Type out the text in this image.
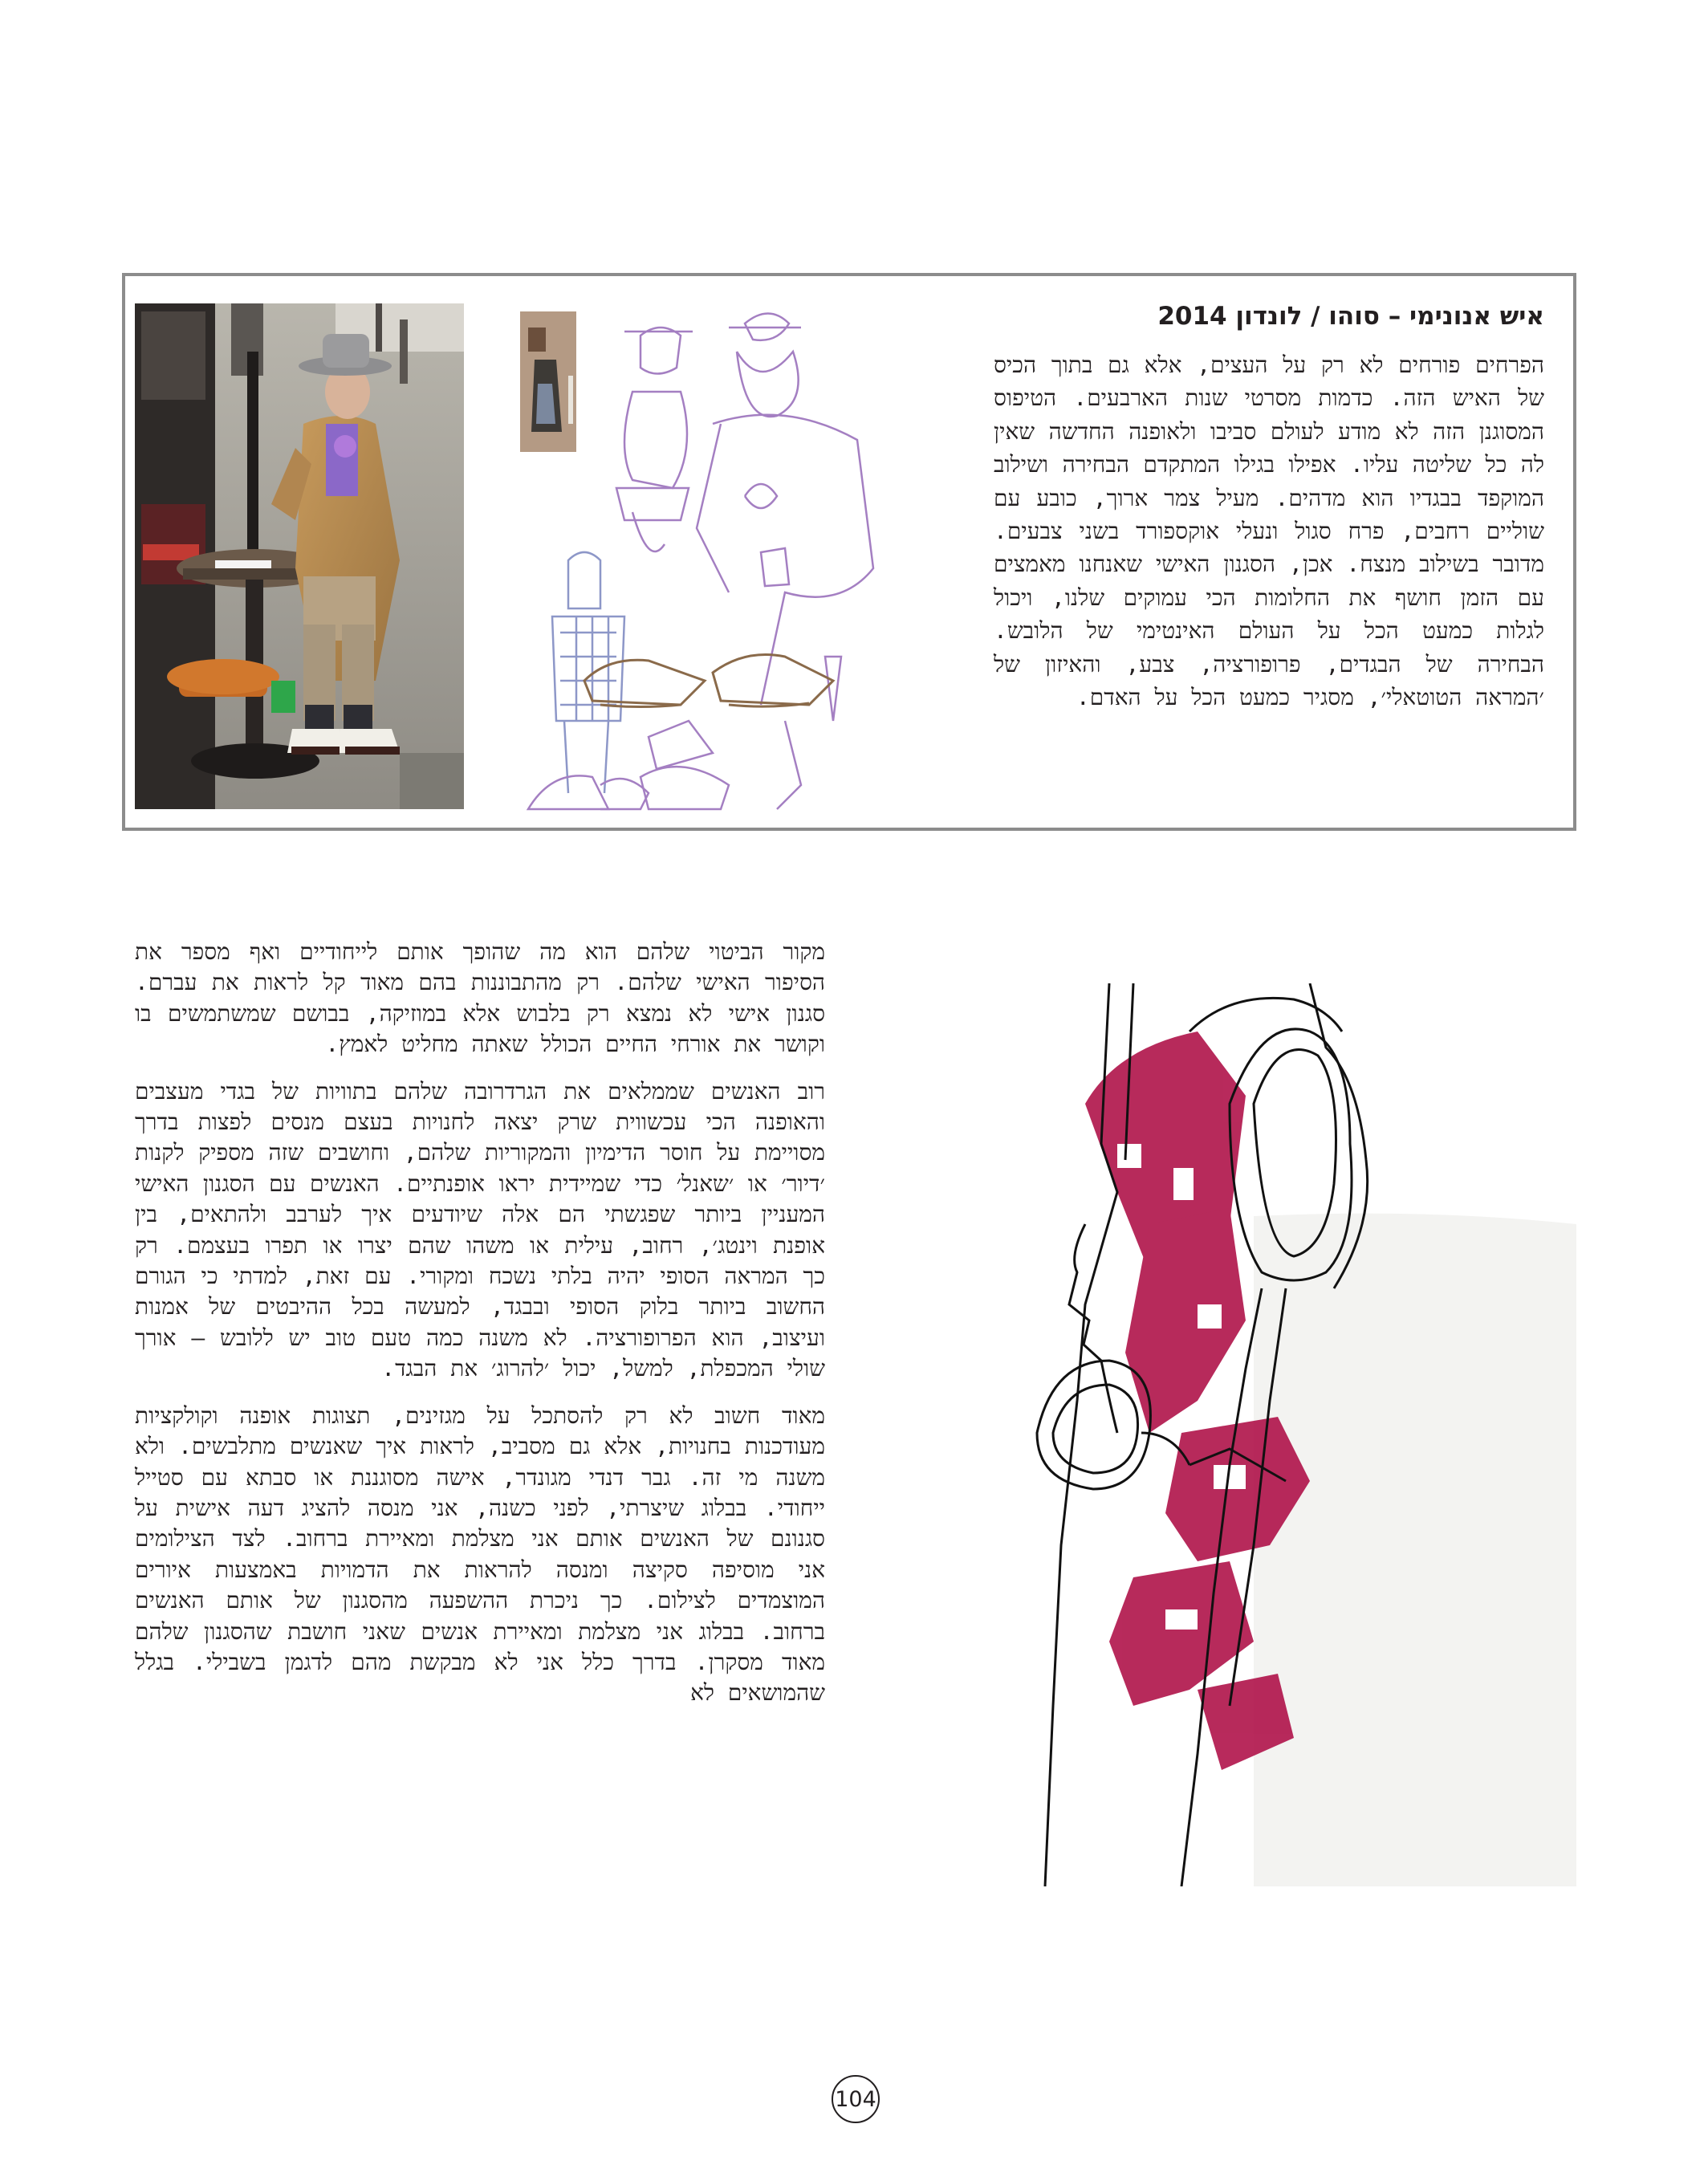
איש אנונימי – סוהו / לונדון 2014

הפרחים פורחים לא רק על העצים, אלא גם בתוך הכיס של האיש הזה. כדמות מסרטי שנות הארבעים. הטיפוס המסוגנן הזה לא מודע לעולם סביבו ולאופנה החדשה שאין לה כל שליטה עליו. אפילו בגילו המתקדם הבחירה ושילוב המוקפד בבגדיו הוא מדהים. מעיל צמר ארוך, כובע עם שוליים רחבים, פרח סגול ונעלי אוקספורד בשני צבעים. מדובר בשילוב מנצח. אכן, הסגנון האישי שאנחנו מאמצים עם הזמן חושף את החלומות הכי עמוקים שלנו, ויכול לגלות כמעט הכל על העולם האינטימי של הלובש. הבחירה של הבגדים, פרופורציה, צבע, והאיזון של ׳המראה הטוטאלי׳, מסגיר כמעט הכל על האדם.

מקור הביטוי שלהם הוא מה שהופך אותם לייחודיים ואף מספר את הסיפור האישי שלהם. רק מהתבוננות בהם מאוד קל לראות את עברם. סגנון אישי לא נמצא רק בלבוש אלא במוזיקה, בבושם שמשתמשים בו וקושר את אורחי החיים הכולל שאתה מחליט לאמץ.

רוב האנשים שממלאים את הגרדרובה שלהם בתוויות של בגדי מעצבים והאופנה הכי עכשווית שרק יצאה לחנויות בעצם מנסים לפצות בדרך מסויימת על חוסר הדימיון והמקוריות שלהם, וחושבים שזה מספיק לקנות ׳דיור׳ או ׳שאנל׳ כדי שמיידית יראו אופנתיים. האנשים עם הסגנון האישי המעניין ביותר שפגשתי הם אלה שיודעים איך לערבב ולהתאים, בין אופנת וינטג׳, רחוב, עילית או משהו שהם יצרו או תפרו בעצמם. רק כך המראה הסופי יהיה בלתי נשכח ומקורי. עם זאת, למדתי כי הגורם החשוב ביותר בלוק הסופי ובבגד, למעשה בכל ההיבטים של אמנות ועיצוב, הוא הפרופורציה. לא משנה כמה טעם טוב יש ללובש – אורך שולי המכפלת, למשל, יכול ׳להרוג׳ את הבגד.

מאוד חשוב לא רק להסתכל על מגזינים, תצוגות אופנה וקולקציות מעודכנות בחנויות, אלא גם מסביב, לראות איך שאנשים מתלבשים. ולא משנה מי זה. גבר דנדי מגונדר, אישה מסוגננת או סבתא עם סטייל ייחודי. בבלוג שיצרתי, לפני כשנה, אני מנסה להציג דעה אישית על סגנונם של האנשים אותם אני מצלמת ומאיירת ברחוב. לצד הצילומים אני מוסיפה סקיצה ומנסה להראות את הדמויות באמצעות איורים המוצמדים לצילום. כך ניכרת ההשפעה מהסגנון של אותם האנשים ברחוב. בבלוג אני מצלמת ומאיירת אנשים שאני חושבת שהסגנון שלהם מאוד מסקרן. בדרך כלל אני לא מבקשת מהם לדגמן בשבילי. בגלל שהמושאים לא

104
